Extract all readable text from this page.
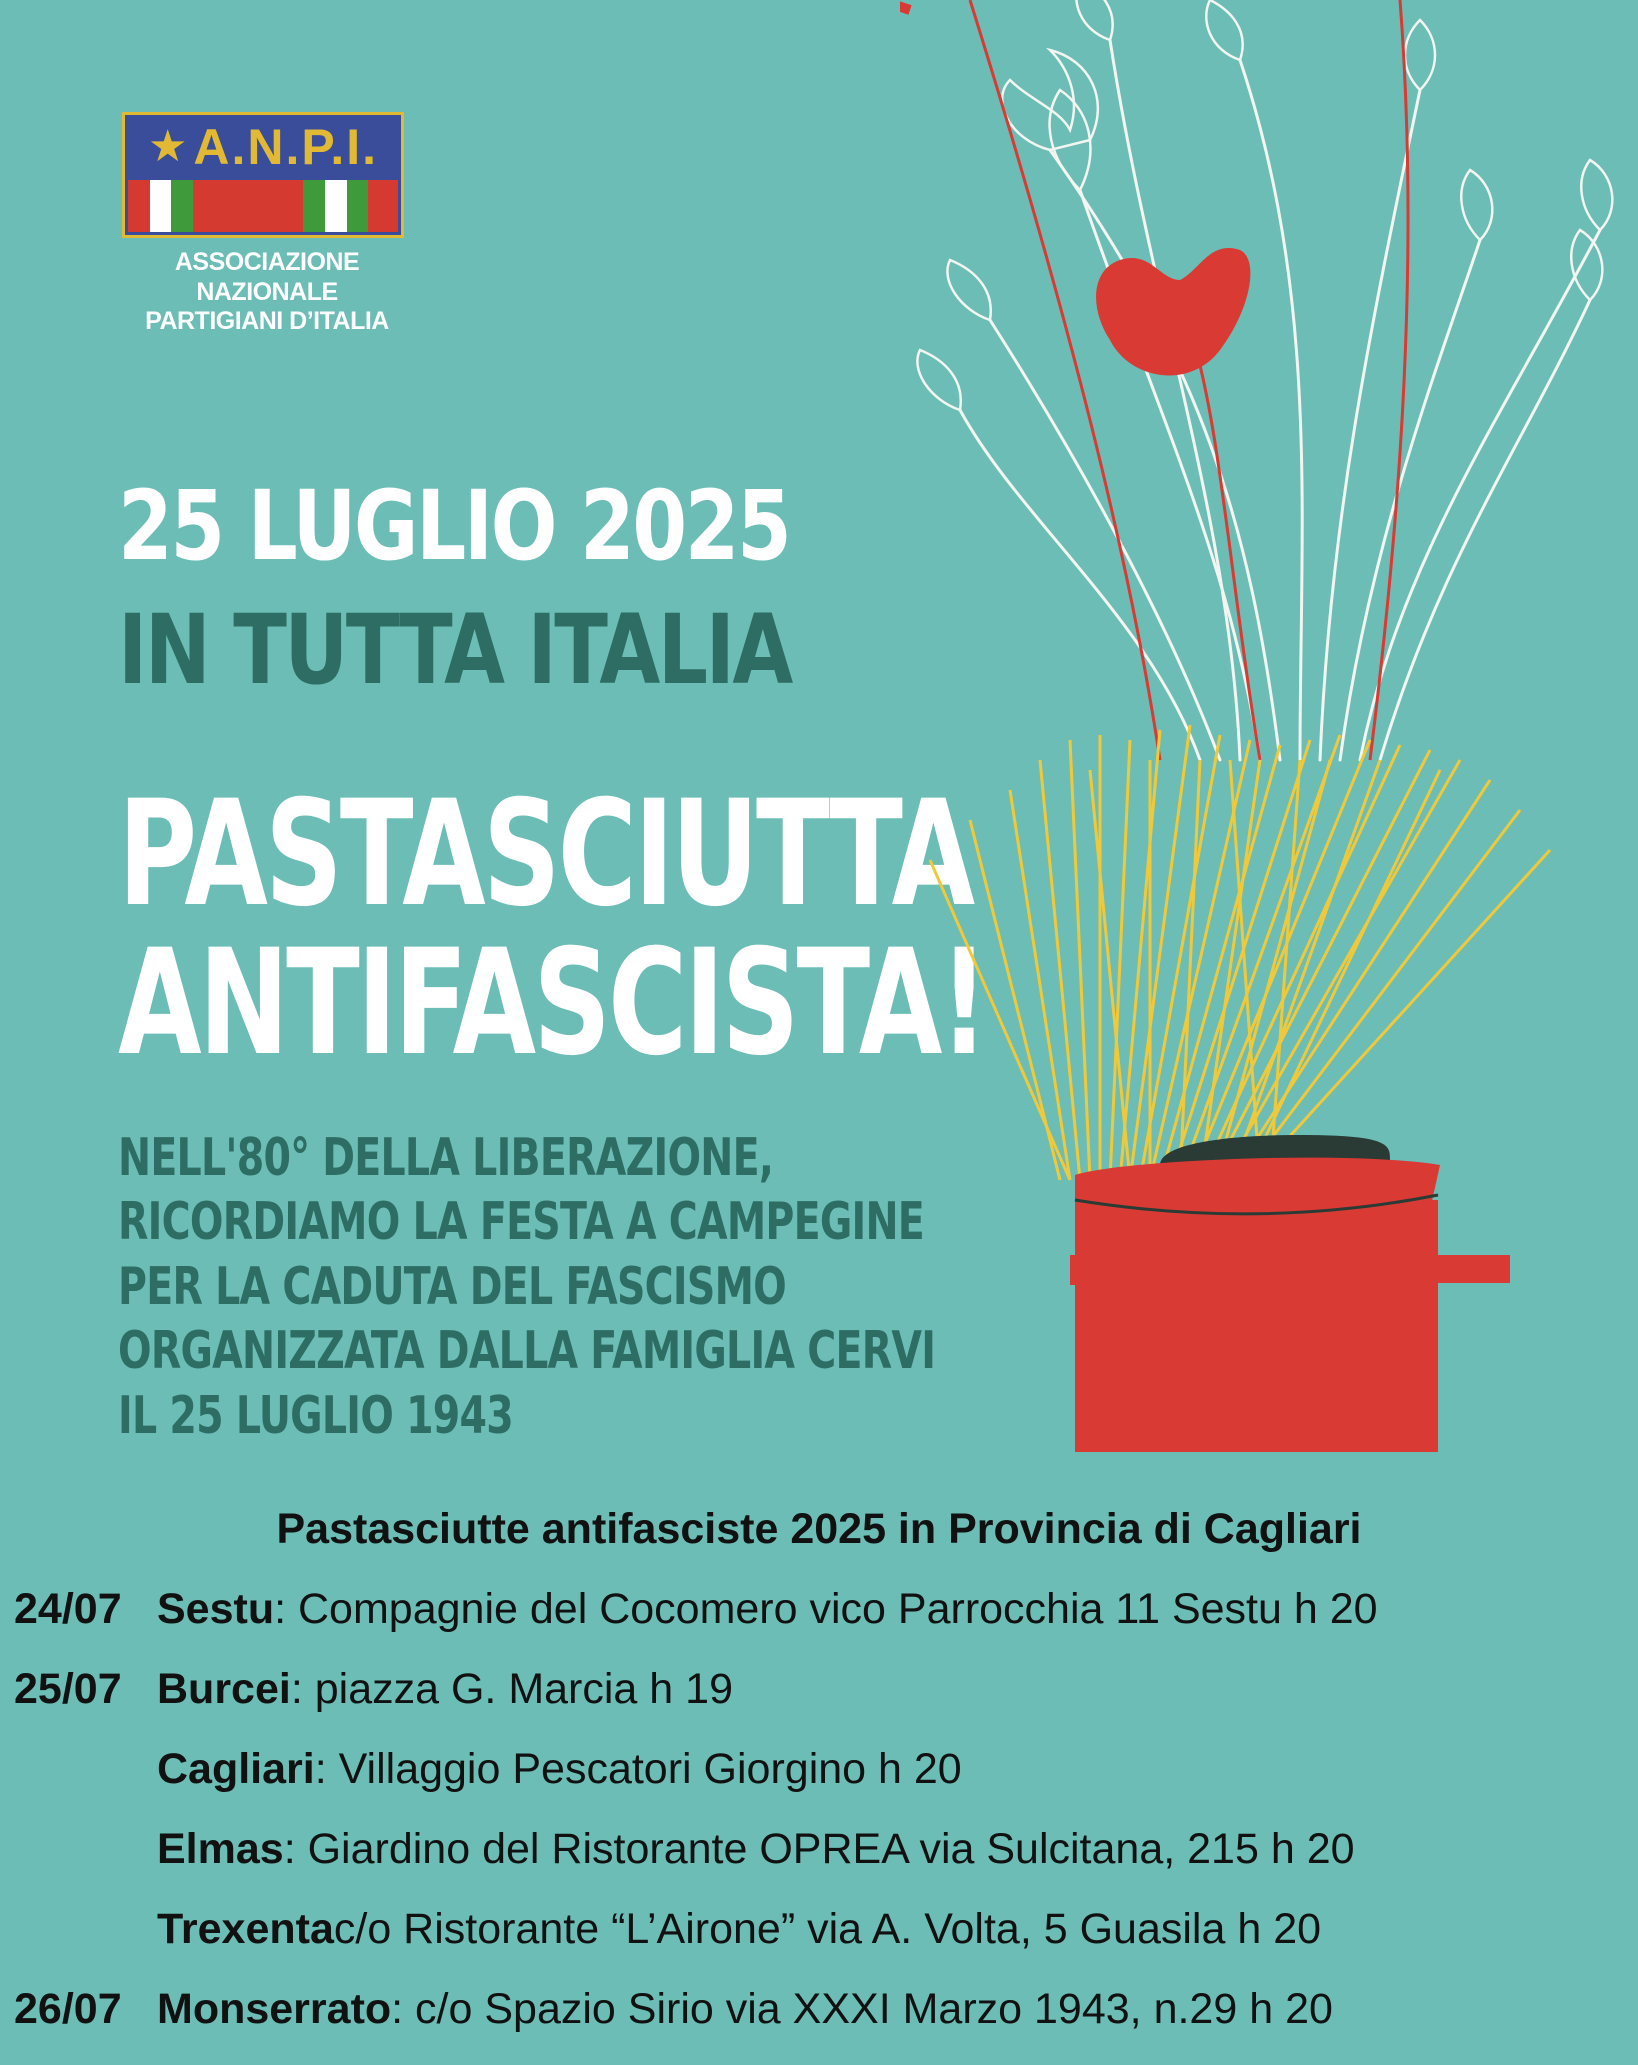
★ A.N.P.I.
ASSOCIAZIONE NAZIONALE
PARTIGIANI D’ITALIA
25 LUGLIO 2025
IN TUTTA ITALIA
PASTASCIUTTA
ANTIFASCISTA!
NELL'80° DELLA LIBERAZIONE,
RICORDIAMO LA FESTA A CAMPEGINE
PER LA CADUTA DEL FASCISMO
ORGANIZZATA DALLA FAMIGLIA CERVI
IL 25 LUGLIO 1943
Pastasciutte antifasciste 2025 in Provincia di Cagliari
24/07 Sestu : Compagnie del Cocomero vico Parrocchia 11 Sestu h 20
25/07 Burcei : piazza G. Marcia h 19
Cagliari : Villaggio Pescatori Giorgino h 20
Elmas : Giardino del Ristorante OPREA via Sulcitana, 215 h 20
Trexenta c/o Ristorante “L’Airone” via A. Volta, 5 Guasila h 20
26/07 Monserrato : c/o Spazio Sirio via XXXI Marzo 1943, n.29 h 20
